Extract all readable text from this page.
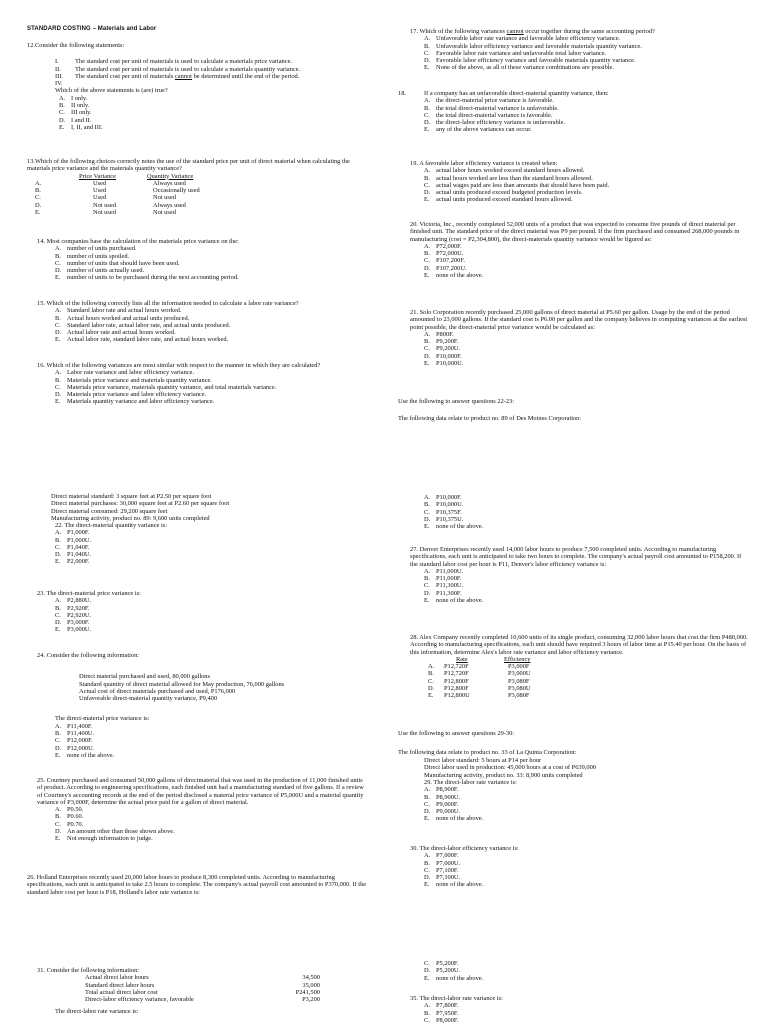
STANDARD COSTING – Materials and Labor

12.Consider the following statements:

I.	The standard cost per unit of materials is used to calculate a materials price variance.
II.	The standard cost per unit of materials is used to calculate a materials quantity variance.
III.	The standard cost per unit of materials cannot be determined until the end of the period.
IV.
Which of the above statements is (are) true?
A. I only.
B. II only.
C. III only.
D. I and II.
E. I, II, and III.

13.Which of the following choices correctly notes the use of the standard price per unit of direct material when calculating the materials price variance and the materials quantity variance?

Price Variance	Quantity Variance
A.	Used	Always used
B.	Used	Occasionally used
C.	Used	Not used
D.	Not used	Always used
E.	Not used	Not used

14. Most companies base the calculation of the materials price variance on the:

A. number of units purchased.
B. number of units spoiled.
C. number of units that should have been used.
D. number of units actually used.
E. number of units to be purchased during the next accounting period.

15. Which of the following correctly lists all the information needed to calculate a labor rate variance?

A. Standard labor rate and actual hours worked.
B. Actual hours worked and actual units produced.
C. Standard labor rate, actual labor rate, and actual units produced.
D. Actual labor rate and actual hours worked.
E. Actual labor rate, standard labor rate, and actual hours worked.

16. Which of the following variances are most similar with respect to the manner in which they are calculated?

A. Labor rate variance and labor efficiency variance.
B. Materials price variance and materials quantity variance.
C. Materials price variance, materials quantity variance, and total materials variance.
D. Materials price variance and labor efficiency variance.
E. Materials quantity variance and labor efficiency variance.
Direct material standard: 3 square feet at P2.50 per square foot
Direct material purchases: 30,000 square feet at P2.60 per square foot
Direct material consumed: 29,200 square feet
Manufacturing activity, product no. 89: 9,600 units completed

22. The direct-material quantity variance is:

A. P1,000F.
B. P1,000U.
C. P1,040F.
D. P1,040U.
E. P2,000F.

23. The direct-material price variance is:

A. P2,880U.
B. P2,920F.
C. P2,920U.
D. P3,000F.
E. P3,000U.

24. Consider the following information:

Direct material purchased and used, 80,000 gallons
Standard quantity of direct material allowed for May production, 76,000 gallons
Actual cost of direct materials purchased and used, P176,000
Unfavorable direct-material quantity variance, P9,400
The direct-material price variance is:
A. P11,400F.
B. P11,400U.
C. P12,000F.
D. P12,000U.
E. none of the above.

25. Courtney purchased and consumed 50,000 gallons of directmaterial that was used in the production of 11,000 finished units of product. According to engineering specifications, each finished unit had a manufacturing standard of five gallons. If a review of Courtney's accounting records at the end of the period disclosed a material price variance of P5,000U and a material quantity variance of P3,000F, determine the actual price paid for a gallon of direct material.

A. P0.50.
B. P0.60.
C. P0.70.
D. An amount other than those shown above.
E. Not enough information to judge.

26. Holland Enterprises recently used 20,000 labor hours to produce 8,300 completed units. According to manufacturing specifications, each unit is anticipated to take 2.5 hours to complete. The company's actual payroll cost amounted to P370,000. If the standard labor cost per hour is P18, Holland's labor rate variance is:

31. Consider the following information:

Actual direct labor hours	34,500
Standard direct labor hours	35,000
Total actual direct labor cost	P241,500
Direct-labor efficiency variance, favorable	P3,200
The direct-labor rate variance is:

17. Which of the following variances cannot occur together during the same accounting period?

A. Unfavorable labor rate variance and favorable labor efficiency variance.
B. Unfavorable labor efficiency variance and favorable materials quantity variance.
C. Favorable labor rate variance and unfavorable total labor variance.
D. Favorable labor efficiency variance and favorable materials quantity variance.
E. None of the above, as all of these variance combinations are possible.

18.	If a company has an unfavorable direct-material quantity variance, then:

A. the direct-material price variance is favorable.
B. the total direct-material variance is unfavorable.
C. the total direct-material variance is favorable.
D. the direct-labor efficiency variance is unfavorable.
E. any of the above variances can occur.

19. A favorable labor efficiency variance is created when:

A. actual labor hours worked exceed standard hours allowed.
B. actual hours worked are less than the standard hours allowed.
C. actual wages paid are less than amounts that should have been paid.
D. actual units produced exceed budgeted production levels.
E. actual units produced exceed standard hours allowed.

20. Victoria, Inc., recently completed 52,000 units of a product that was expected to consume five pounds of direct material per finished unit. The standard price of the direct material was P9 per pound. If the firm purchased and consumed 268,000 pounds in manufacturing (cost = P2,304,800), the direct-materials quantity variance would be figured as:

A. P72,000F.
B. P72,000U.
C. P107,200F.
D. P107,200U.
E. none of the above.

21. Solo Corporation recently purchased 25,000 gallons of direct material at P5.60 per gallon. Usage by the end of the period amounted to 23,000 gallons. If the standard cost is P6.00 per gallon and the company believes in computing variances at the earliest point possible, the direct-material price variance would be calculated as:

A. P800F.
B. P9,200F.
C. P9,200U.
D. P10,000F.
E. P10,000U.
Use the following to answer questions 22-23:
The following data relate to product no. 89 of Des Moines Corporation:
A. P10,000F.
B. P10,000U.
C. P10,375F.
D. P10,375U.
E. none of the above.

27. Denver Enterprises recently used 14,000 labor hours to produce 7,500 completed units. According to manufacturing specifications, each unit is anticipated to take two hours to complete. The company's actual payroll cost amounted to P158,200. If the standard labor cost per hour is P11, Denver's labor efficiency variance is:

A. P11,000U.
B. P11,000F.
C. P11,300U.
D. P11,300F.
E. none of the above.

28. Alex Company recently completed 10,600 units of its single product, consuming 32,000 labor hours that cost the firm P480,000. According to manufacturing specifications, each unit should have required 3 hours of labor time at P15.40 per hour. On the basis of this information, determine Alex's labor rate variance and labor efficiency variance.

Rate	Efficiency
A.	P12,720F	P3,000F
B.	P12,720F	P3,000U
C.	P12,800F	P3,080F
D.	P12,800F	P3,080U
E.	P12,800U	P3,080F
Use the following to answer questions 29-30:
The following data relate to product no. 33 of La Quinta Corporation:
Direct labor standard: 5 hours at P14 per hour
Direct labor used in production: 45,000 hours at a cost of P639,000
Manufacturing activity, product no. 33: 8,900 units completed

29. The direct-labor rate variance is:

A. P8,900F.
B. P8,900U.
C. P9,000F.
D. P9,000U.
E. none of the above.

30. The direct-labor efficiency variance is:

A. P7,000F.
B. P7,000U.
C. P7,100F.
D. P7,100U.
E. none of the above.
C. P5,200F.
D. P5,200U.
E. none of the above.

35. The direct-labor rate variance is:

A. P7,800F.
B. P7,950F.
C. P8,000F.
